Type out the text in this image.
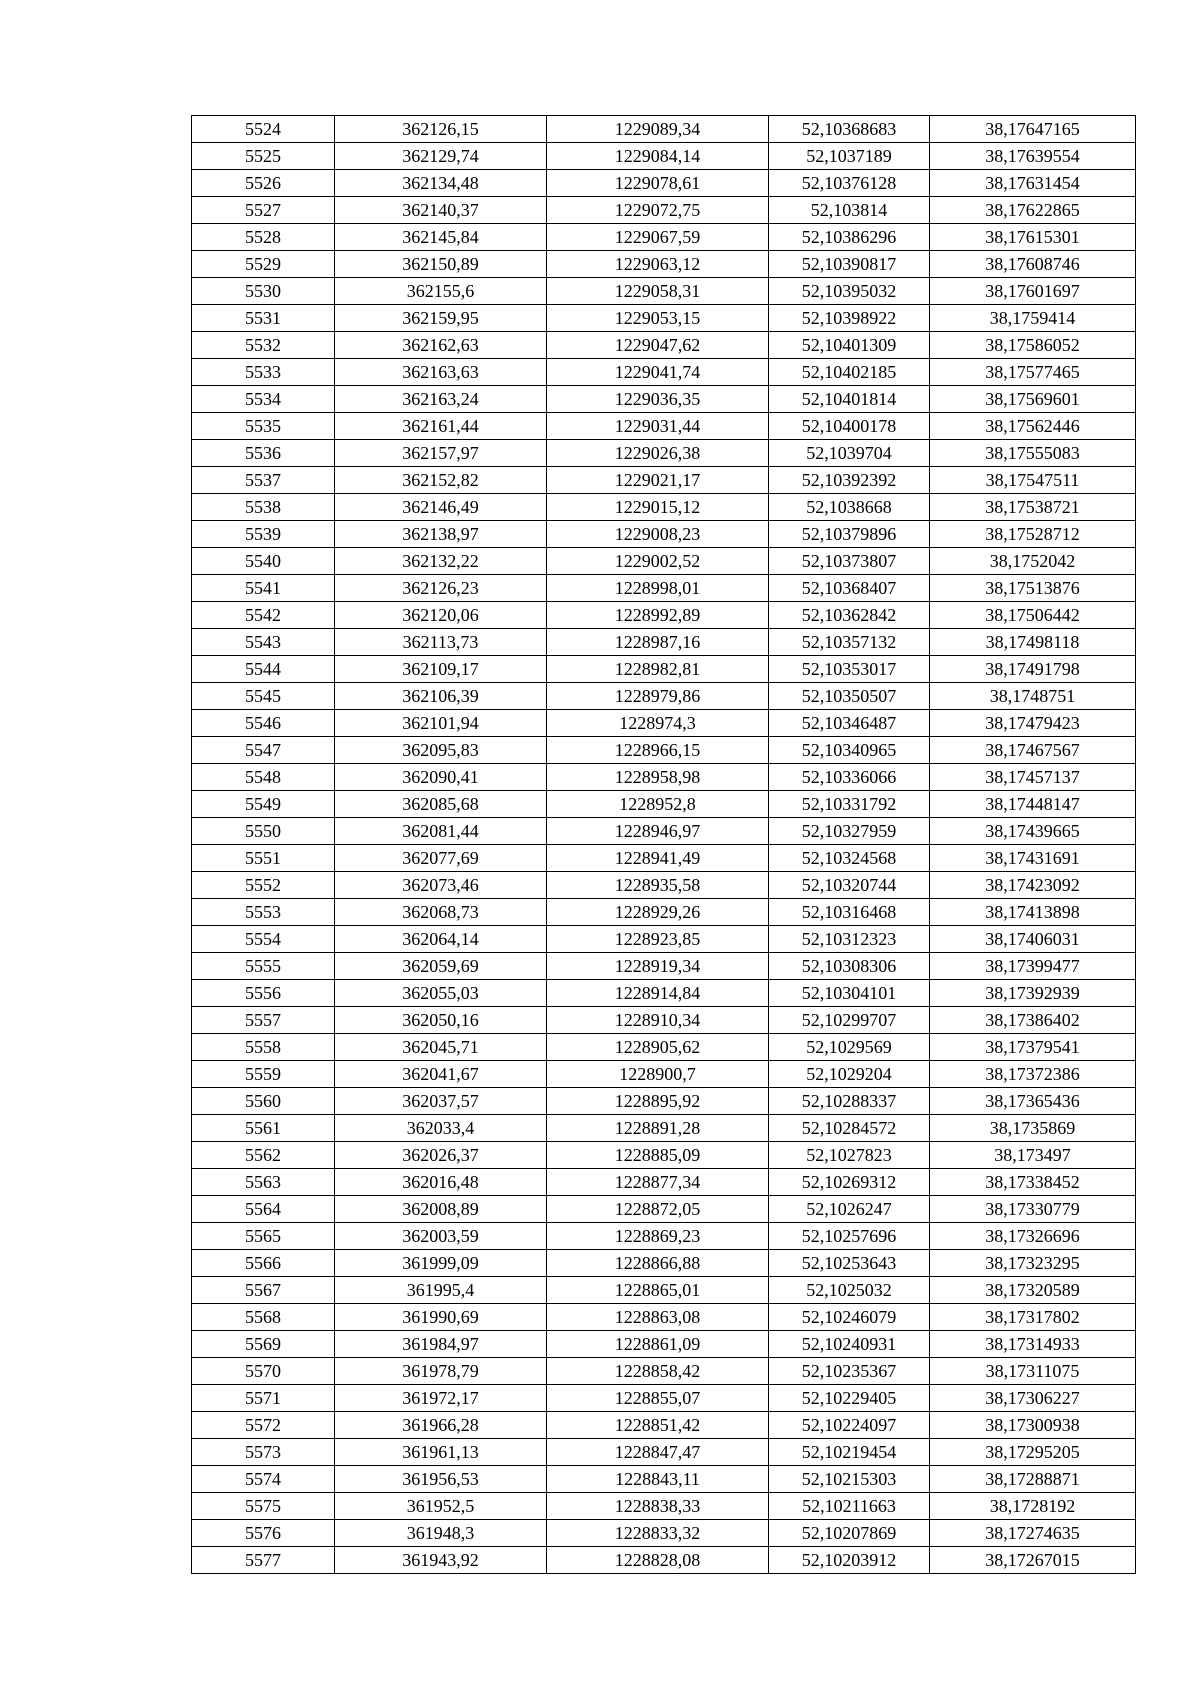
5524	362126,15	1229089,34	52,10368683	38,17647165
5525	362129,74	1229084,14	52,1037189	38,17639554
5526	362134,48	1229078,61	52,10376128	38,17631454
5527	362140,37	1229072,75	52,103814	38,17622865
5528	362145,84	1229067,59	52,10386296	38,17615301
5529	362150,89	1229063,12	52,10390817	38,17608746
5530	362155,6	1229058,31	52,10395032	38,17601697
5531	362159,95	1229053,15	52,10398922	38,1759414
5532	362162,63	1229047,62	52,10401309	38,17586052
5533	362163,63	1229041,74	52,10402185	38,17577465
5534	362163,24	1229036,35	52,10401814	38,17569601
5535	362161,44	1229031,44	52,10400178	38,17562446
5536	362157,97	1229026,38	52,1039704	38,17555083
5537	362152,82	1229021,17	52,10392392	38,17547511
5538	362146,49	1229015,12	52,1038668	38,17538721
5539	362138,97	1229008,23	52,10379896	38,17528712
5540	362132,22	1229002,52	52,10373807	38,1752042
5541	362126,23	1228998,01	52,10368407	38,17513876
5542	362120,06	1228992,89	52,10362842	38,17506442
5543	362113,73	1228987,16	52,10357132	38,17498118
5544	362109,17	1228982,81	52,10353017	38,17491798
5545	362106,39	1228979,86	52,10350507	38,1748751
5546	362101,94	1228974,3	52,10346487	38,17479423
5547	362095,83	1228966,15	52,10340965	38,17467567
5548	362090,41	1228958,98	52,10336066	38,17457137
5549	362085,68	1228952,8	52,10331792	38,17448147
5550	362081,44	1228946,97	52,10327959	38,17439665
5551	362077,69	1228941,49	52,10324568	38,17431691
5552	362073,46	1228935,58	52,10320744	38,17423092
5553	362068,73	1228929,26	52,10316468	38,17413898
5554	362064,14	1228923,85	52,10312323	38,17406031
5555	362059,69	1228919,34	52,10308306	38,17399477
5556	362055,03	1228914,84	52,10304101	38,17392939
5557	362050,16	1228910,34	52,10299707	38,17386402
5558	362045,71	1228905,62	52,1029569	38,17379541
5559	362041,67	1228900,7	52,1029204	38,17372386
5560	362037,57	1228895,92	52,10288337	38,17365436
5561	362033,4	1228891,28	52,10284572	38,1735869
5562	362026,37	1228885,09	52,1027823	38,173497
5563	362016,48	1228877,34	52,10269312	38,17338452
5564	362008,89	1228872,05	52,1026247	38,17330779
5565	362003,59	1228869,23	52,10257696	38,17326696
5566	361999,09	1228866,88	52,10253643	38,17323295
5567	361995,4	1228865,01	52,1025032	38,17320589
5568	361990,69	1228863,08	52,10246079	38,17317802
5569	361984,97	1228861,09	52,10240931	38,17314933
5570	361978,79	1228858,42	52,10235367	38,17311075
5571	361972,17	1228855,07	52,10229405	38,17306227
5572	361966,28	1228851,42	52,10224097	38,17300938
5573	361961,13	1228847,47	52,10219454	38,17295205
5574	361956,53	1228843,11	52,10215303	38,17288871
5575	361952,5	1228838,33	52,10211663	38,1728192
5576	361948,3	1228833,32	52,10207869	38,17274635
5577	361943,92	1228828,08	52,10203912	38,17267015
